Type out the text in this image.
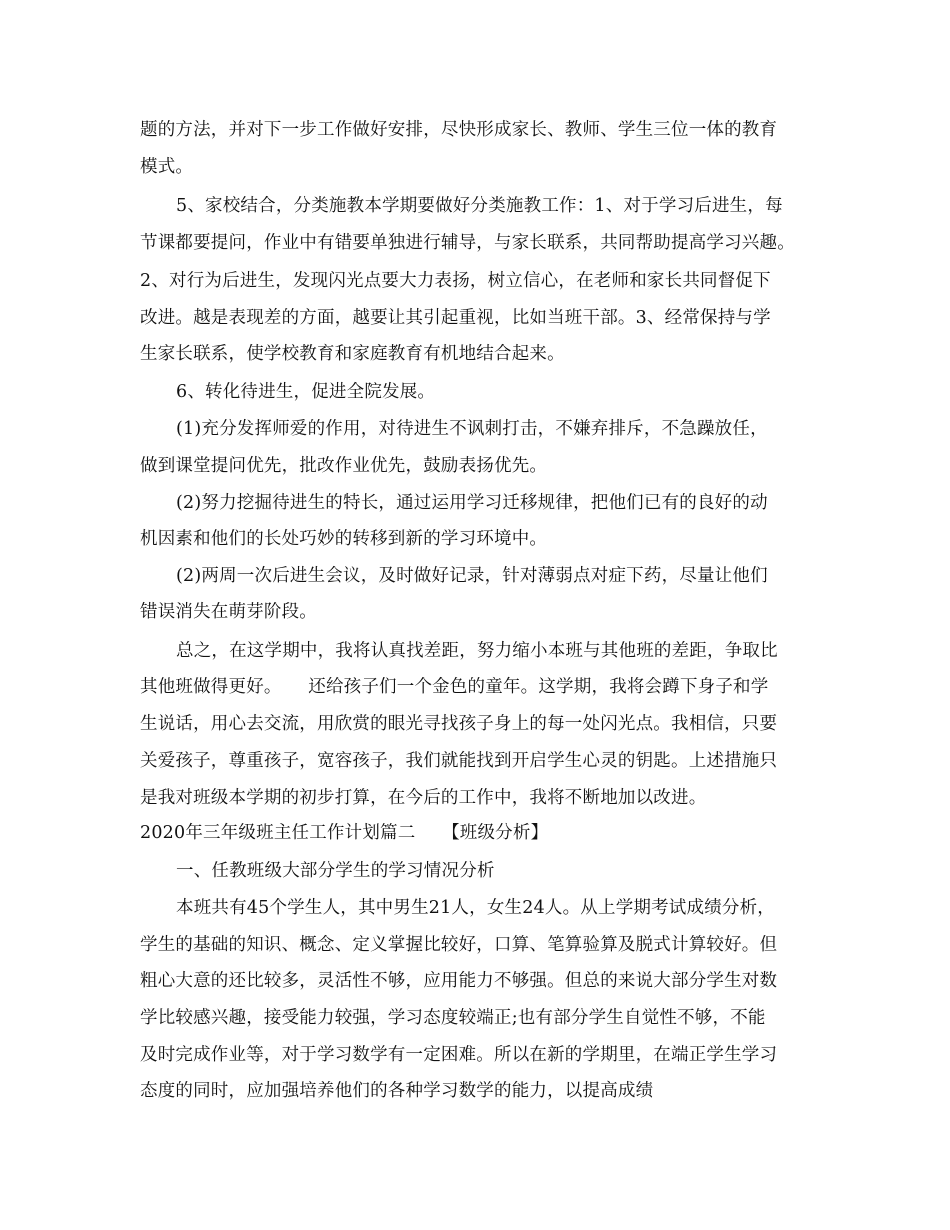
题的方法，并对下一步工作做好安排，尽快形成家长、教师、学生三位一体的教育
模式。
5、家校结合，分类施教本学期要做好分类施教工作：1、对于学习后进生，每
节课都要提问，作业中有错要单独进行辅导，与家长联系，共同帮助提高学习兴趣。
2、对行为后进生，发现闪光点要大力表扬，树立信心，在老师和家长共同督促下
改进。越是表现差的方面，越要让其引起重视，比如当班干部。3、经常保持与学
生家长联系，使学校教育和家庭教育有机地结合起来。
6、转化待进生，促进全院发展。
(1)充分发挥师爱的作用，对待进生不讽刺打击，不嫌弃排斥，不急躁放任，
做到课堂提问优先，批改作业优先，鼓励表扬优先。
(2)努力挖掘待进生的特长，通过运用学习迁移规律，把他们已有的良好的动
机因素和他们的长处巧妙的转移到新的学习环境中。
(2)两周一次后进生会议，及时做好记录，针对薄弱点对症下药，尽量让他们
错误消失在萌芽阶段。
总之，在这学期中，我将认真找差距，努力缩小本班与其他班的差距，争取比
其他班做得更好。　　还给孩子们一个金色的童年。这学期，我将会蹲下身子和学
生说话，用心去交流，用欣赏的眼光寻找孩子身上的每一处闪光点。我相信，只要
关爱孩子，尊重孩子，宽容孩子，我们就能找到开启学生心灵的钥匙。上述措施只
是我对班级本学期的初步打算，在今后的工作中，我将不断地加以改进。
2020年三年级班主任工作计划篇二　　【班级分析】
一、任教班级大部分学生的学习情况分析
本班共有45个学生人，其中男生21人，女生24人。从上学期考试成绩分析，
学生的基础的知识、概念、定义掌握比较好，口算、笔算验算及脱式计算较好。但
粗心大意的还比较多，灵活性不够，应用能力不够强。但总的来说大部分学生对数
学比较感兴趣，接受能力较强，学习态度较端正;也有部分学生自觉性不够，不能
及时完成作业等，对于学习数学有一定困难。所以在新的学期里，在端正学生学习
态度的同时，应加强培养他们的各种学习数学的能力，以提高成绩
